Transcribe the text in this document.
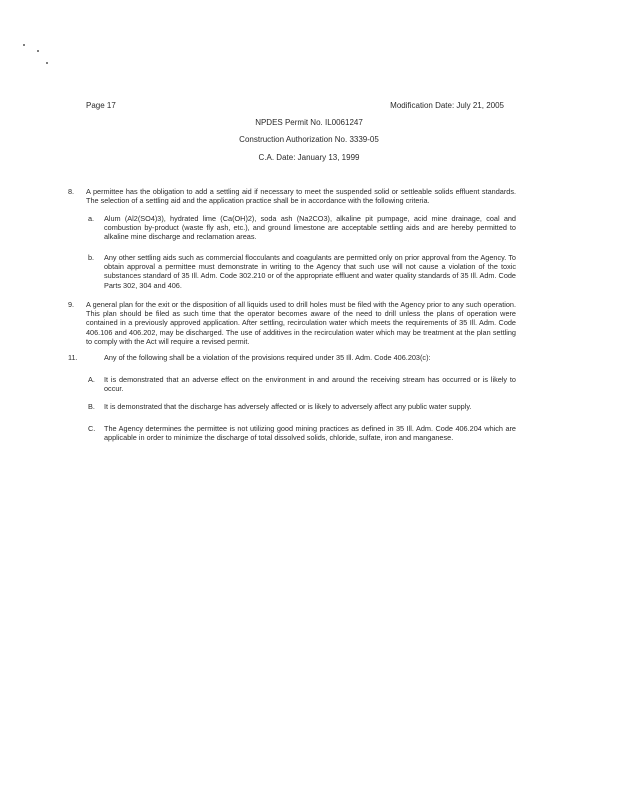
Page 17	Modification Date: July 21, 2005
NPDES Permit No. IL0061247
Construction Authorization No. 3339-05
C.A. Date: January 13, 1999
8. A permittee has the obligation to add a settling aid if necessary to meet the suspended solid or settleable solids effluent standards. The selection of a settling aid and the application practice shall be in accordance with the following criteria.
a. Alum (Al2(SO4)3), hydrated lime (Ca(OH)2), soda ash (Na2CO3), alkaline pit pumpage, acid mine drainage, coal and combustion by-product (waste fly ash, etc.), and ground limestone are acceptable settling aids and are hereby permitted to alkaline mine discharge and reclamation areas.
b. Any other settling aids such as commercial flocculants and coagulants are permitted only on prior approval from the Agency. To obtain approval a permittee must demonstrate in writing to the Agency that such use will not cause a violation of the toxic substances standard of 35 Ill. Adm. Code 302.210 or of the appropriate effluent and water quality standards of 35 Ill. Adm. Code Parts 302, 304 and 406.
9. A general plan for the exit or the disposition of all liquids used to drill holes must be filed with the Agency prior to any such operation. This plan should be filed as such time that the operator becomes aware of the need to drill unless the plans of operation were contained in a previously approved application. After settling, recirculation water which meets the requirements of 35 Ill. Adm. Code 406.106 and 406.202, may be discharged. The use of additives in the recirculation water which may be treatment at the plan settling to comply with the Act will require a revised permit.
11.	Any of the following shall be a violation of the provisions required under 35 Ill. Adm. Code 406.203(c):
A. It is demonstrated that an adverse effect on the environment in and around the receiving stream has occurred or is likely to occur.
B. It is demonstrated that the discharge has adversely affected or is likely to adversely affect any public water supply.
C. The Agency determines the permittee is not utilizing good mining practices as defined in 35 Ill. Adm. Code 406.204 which are applicable in order to minimize the discharge of total dissolved solids, chloride, sulfate, iron and manganese.
